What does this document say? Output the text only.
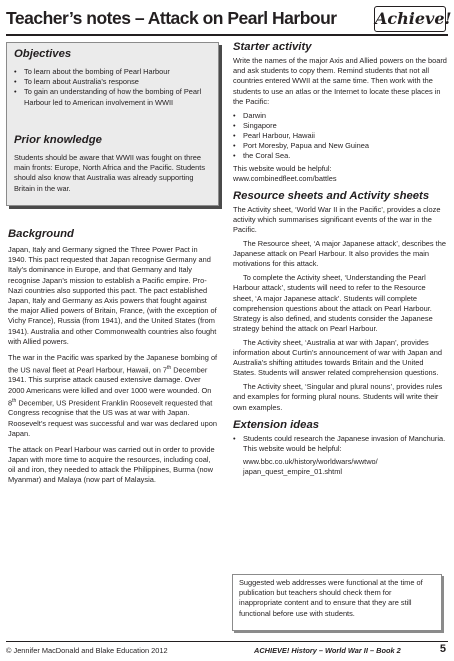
Teacher’s notes – Attack on Pearl Harbour Achieve!
Objectives
• To learn about the bombing of Pearl Harbour
• To learn about Australia’s response
• To gain an understanding of how the bombing of Pearl Harbour led to American involvement in WWII
Prior knowledge

Students should be aware that WWII was fought on three main fronts: Europe, North Africa and the Pacific. Students should also know that Australia was already supporting Britain in the war.

Background

Japan, Italy and Germany signed the Three Power Pact in 1940. This pact requested that Japan recognise Germany and Italy’s dominance in Europe, and that Germany and Italy recognise Japan’s mission to establish a Pacific empire. Pro-Nazi countries also supported this pact. The pact established Japan, Italy and Germany as Axis powers that fought against the major Allied powers of Britain, France, (with the exception of Vichy France), Russia (from 1941), and the United States (from 1941). Australia and other Commonwealth countries also fought with Allied powers.

The war in the Pacific was sparked by the Japanese bombing of the US naval fleet at Pearl Harbour, Hawaii, on 7th December 1941. This surprise attack caused extensive damage. Over 2000 Americans were killed and over 1000 were wounded. On 8th December, US President Franklin Roosevelt requested that Congress recognise that the US was at war with Japan. Roosevelt’s request was successful and war was declared upon Japan.

The attack on Pearl Harbour was carried out in order to provide Japan with more time to acquire the resources, including coal, oil and iron, they needed to attack the Philippines, Burma (now Myanmar) and Malaya (now part of Malaysia.

Starter activity

Write the names of the major Axis and Allied powers on the board and ask students to copy them. Remind students that not all countries entered WWII at the same time. Then work with the students to use an atlas or the Internet to locate these places in the Pacific:

• Darwin
• Singapore
• Pearl Harbour, Hawaii
• Port Moresby, Papua and New Guinea
• the Coral Sea.

This website would be helpful:

www.combinedfleet.com/battles

Resource sheets and Activity sheets

The Activity sheet, ‘World War II in the Pacific’, provides a cloze activity which summarises significant events of the war in the Pacific.

The Resource sheet, ‘A major Japanese attack’, describes the Japanese attack on Pearl Harbour. It also provides the main motivations for this attack.

To complete the Activity sheet, ‘Understanding the Pearl Harbour attack’, students will need to refer to the Resource sheet, ‘A major Japanese attack’. Students will complete comprehension questions about the attack on Pearl Harbour. Strategy is also defined, and students consider the Japanese strategy behind the attack on Pearl Harbour.

The Activity sheet, ‘Australia at war with Japan’, provides information about Curtin’s announcement of war with Japan and Australia’s shifting attitudes towards Britain and the United States. Students will answer related comprehension questions.

The Activity sheet, ‘Singular and plural nouns’, provides rules and examples for forming plural nouns. Students will write their own examples.

Extension ideas
• Students could research the Japanese invasion of Manchuria. This website would be helpful:

www.bbc.co.uk/history/worldwars/wwtwo/ japan_quest_empire_01.shtml

Suggested web addresses were functional at the time of publication but teachers should check them for inappropriate content and to ensure that they are still functional before use with students.

© Jennifer MacDonald and Blake Education 2012	ACHIEVE! History – World War II – Book 2	5
